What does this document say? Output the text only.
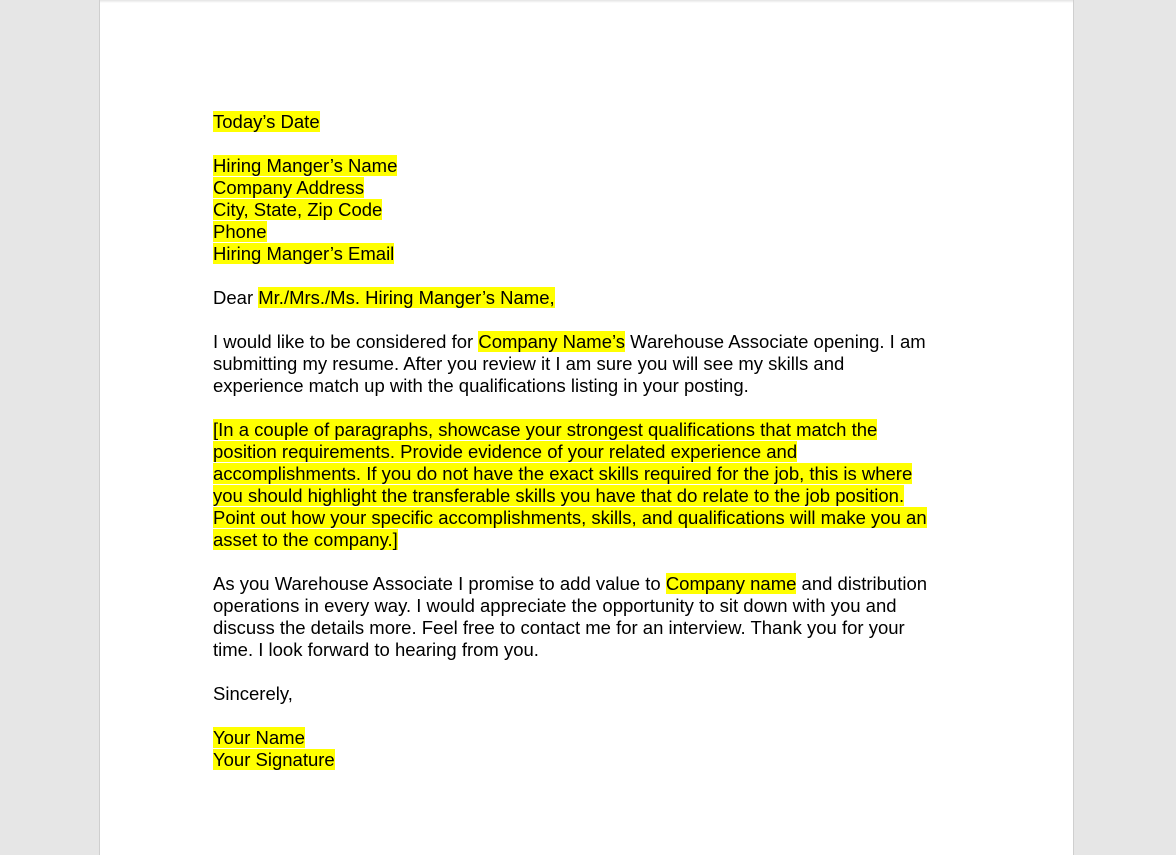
Today’s Date
Hiring Manger’s Name
Company Address
City, State, Zip Code
Phone
Hiring Manger’s Email
Dear Mr./Mrs./Ms. Hiring Manger’s Name,
I would like to be considered for Company Name’s Warehouse Associate opening. I am
submitting my resume. After you review it I am sure you will see my skills and
experience match up with the qualifications listing in your posting.
[In a couple of paragraphs, showcase your strongest qualifications that match the
position requirements. Provide evidence of your related experience and
accomplishments. If you do not have the exact skills required for the job, this is where
you should highlight the transferable skills you have that do relate to the job position.
Point out how your specific accomplishments, skills, and qualifications will make you an
asset to the company.]
As you Warehouse Associate I promise to add value to Company name and distribution
operations in every way. I would appreciate the opportunity to sit down with you and
discuss the details more. Feel free to contact me for an interview. Thank you for your
time. I look forward to hearing from you.
Sincerely,
Your Name
Your Signature
